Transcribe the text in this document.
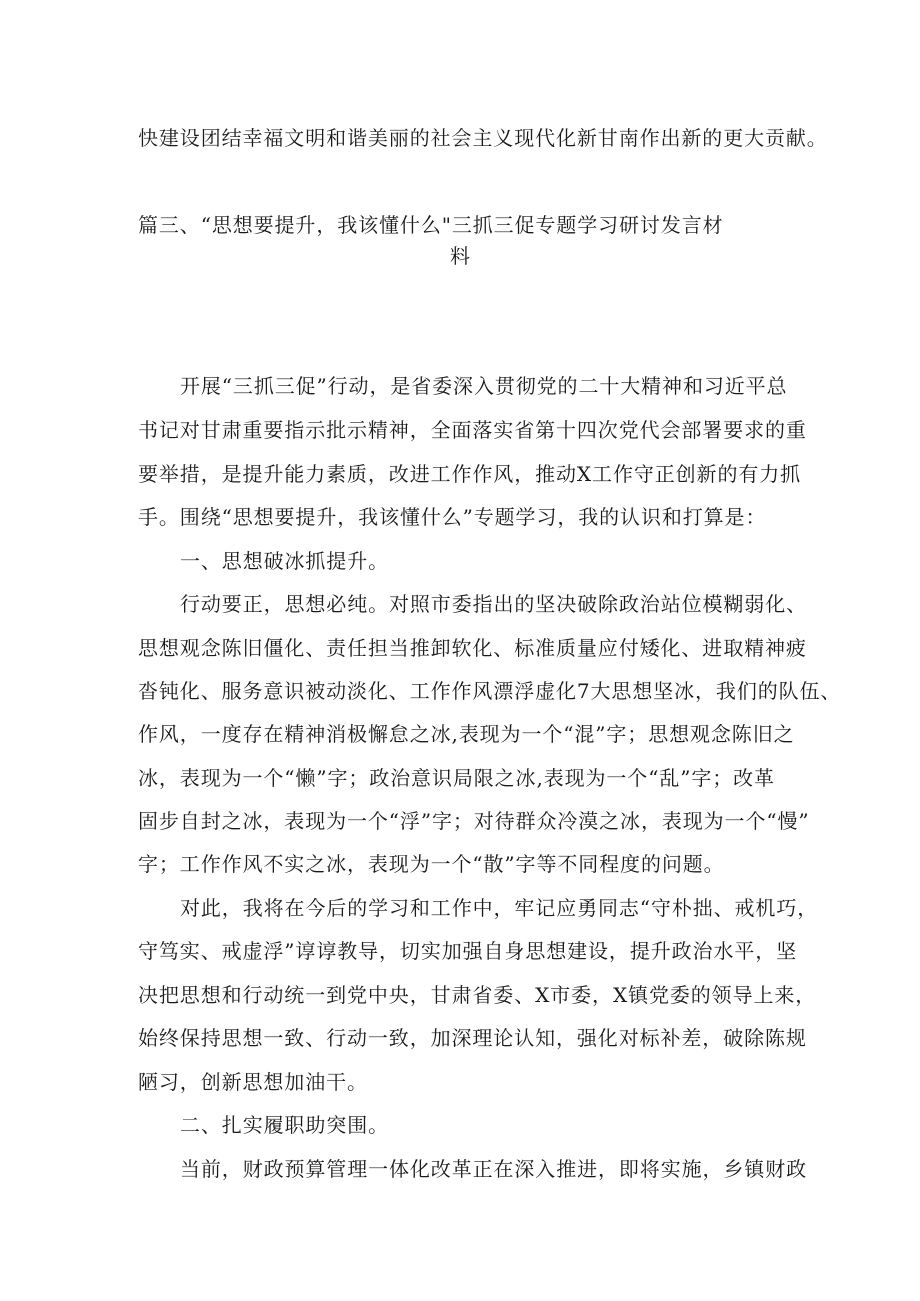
快建设团结幸福文明和谐美丽的社会主义现代化新甘南作出新的更大贡献。
篇三、“思想要提升，我该懂什么"三抓三促专题学习研讨发言材
料
开展“三抓三促”行动，是省委深入贯彻党的二十大精神和习近平总
书记对甘肃重要指示批示精神，全面落实省第十四次党代会部署要求的重
要举措，是提升能力素质，改进工作作风，推动X工作守正创新的有力抓
手。围绕“思想要提升，我该懂什么”专题学习，我的认识和打算是：
一、思想破冰抓提升。
行动要正，思想必纯。对照市委指出的坚决破除政治站位模糊弱化、
思想观念陈旧僵化、责任担当推卸软化、标准质量应付矮化、进取精神疲
沓钝化、服务意识被动淡化、工作作风漂浮虚化7大思想坚冰，我们的队伍、
作风，一度存在精神消极懈怠之冰,表现为一个“混”字；思想观念陈旧之
冰，表现为一个“懒”字；政治意识局限之冰,表现为一个“乱”字；改革
固步自封之冰，表现为一个“浮”字；对待群众冷漠之冰，表现为一个“慢”
字；工作作风不实之冰，表现为一个“散”字等不同程度的问题。
对此，我将在今后的学习和工作中，牢记应勇同志“守朴拙、戒机巧，
守笃实、戒虚浮”谆谆教导，切实加强自身思想建设，提升政治水平，坚
决把思想和行动统一到党中央，甘肃省委、X市委，X镇党委的领导上来，
始终保持思想一致、行动一致，加深理论认知，强化对标补差，破除陈规
陋习，创新思想加油干。
二、扎实履职助突围。
当前，财政预算管理一体化改革正在深入推进，即将实施，乡镇财政
